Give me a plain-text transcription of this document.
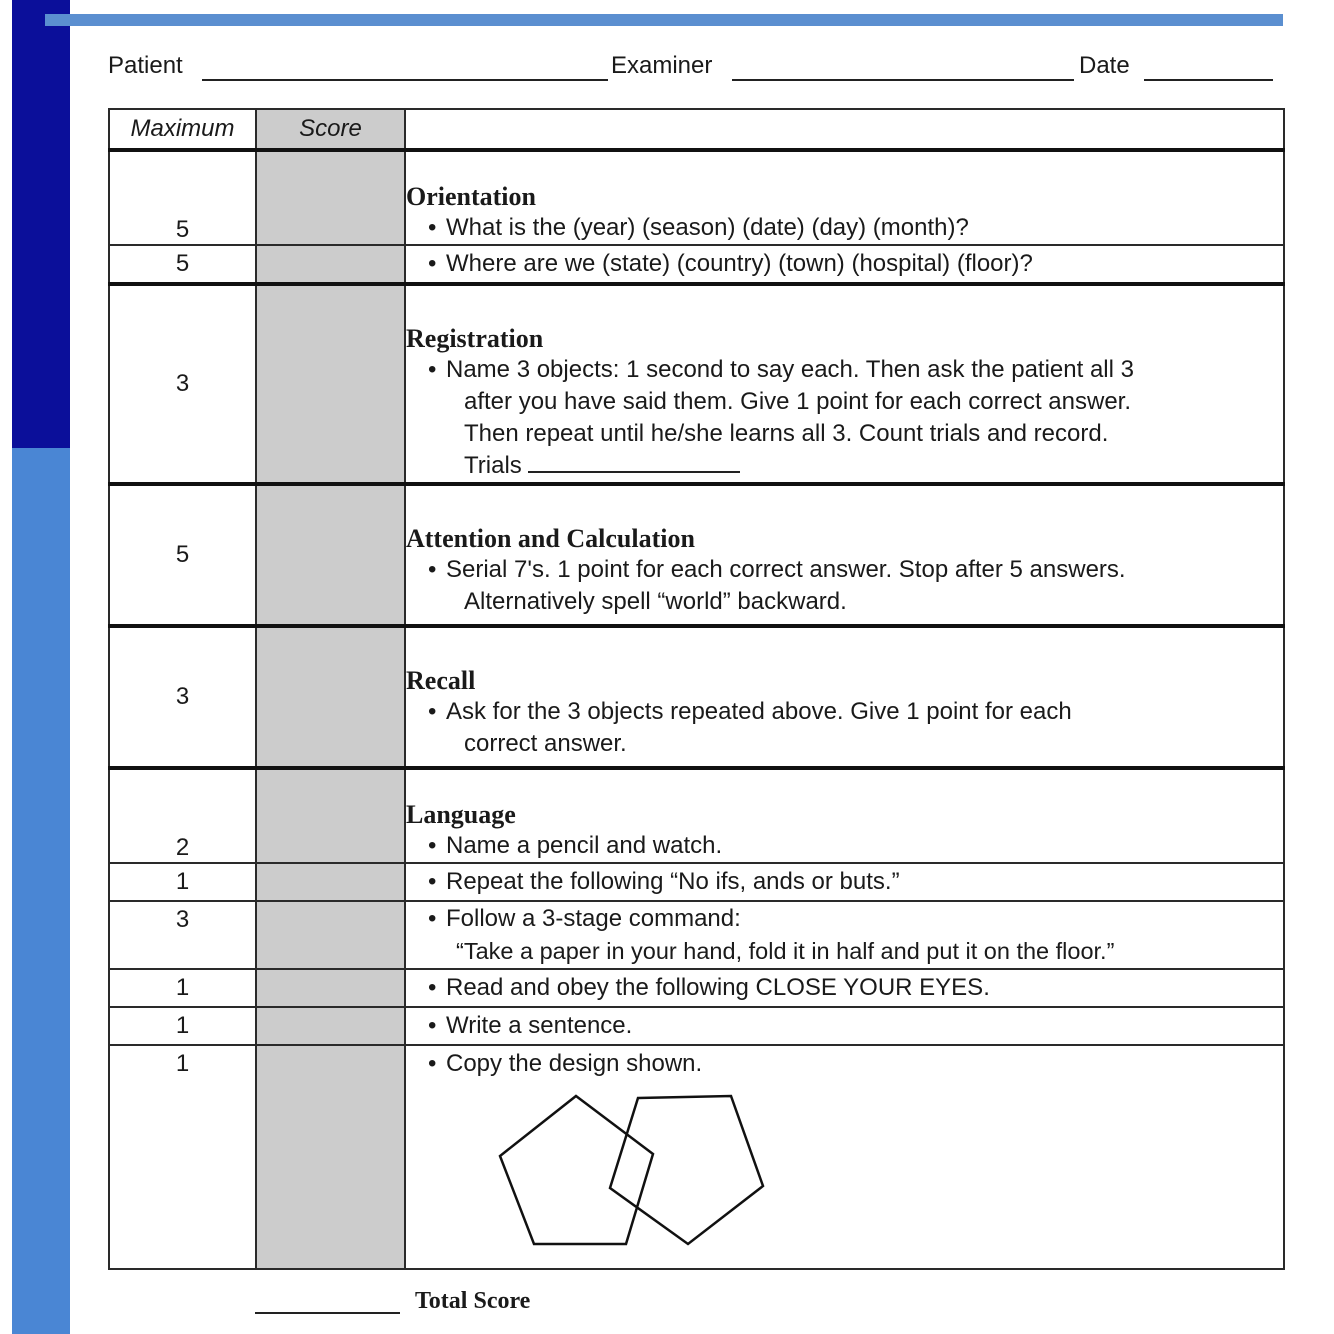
Patient	Examiner	Date
Maximum	Score	
5		Orientation
• What is the (year) (season) (date) (day) (month)?

5		• Where are we (state) (country) (town) (hospital) (floor)?

3		Registration
• Name 3 objects: 1 second to say each. Then ask the patient all 3
after you have said them. Give 1 point for each correct answer.
Then repeat until he/she learns all 3. Count trials and record.
Trials

5		Attention and Calculation
• Serial 7's. 1 point for each correct answer. Stop after 5 answers.
Alternatively spell “world” backward.

3		Recall
• Ask for the 3 objects repeated above. Give 1 point for each
correct answer.

2		Language
• Name a pencil and watch.

1		• Repeat the following “No ifs, ands or buts.”

3		• Follow a 3-stage command:
“Take a paper in your hand, fold it in half and put it on the floor.”

1		• Read and obey the following CLOSE YOUR EYES.

1		• Write a sentence.

1		• Copy the design shown.
Total Score
